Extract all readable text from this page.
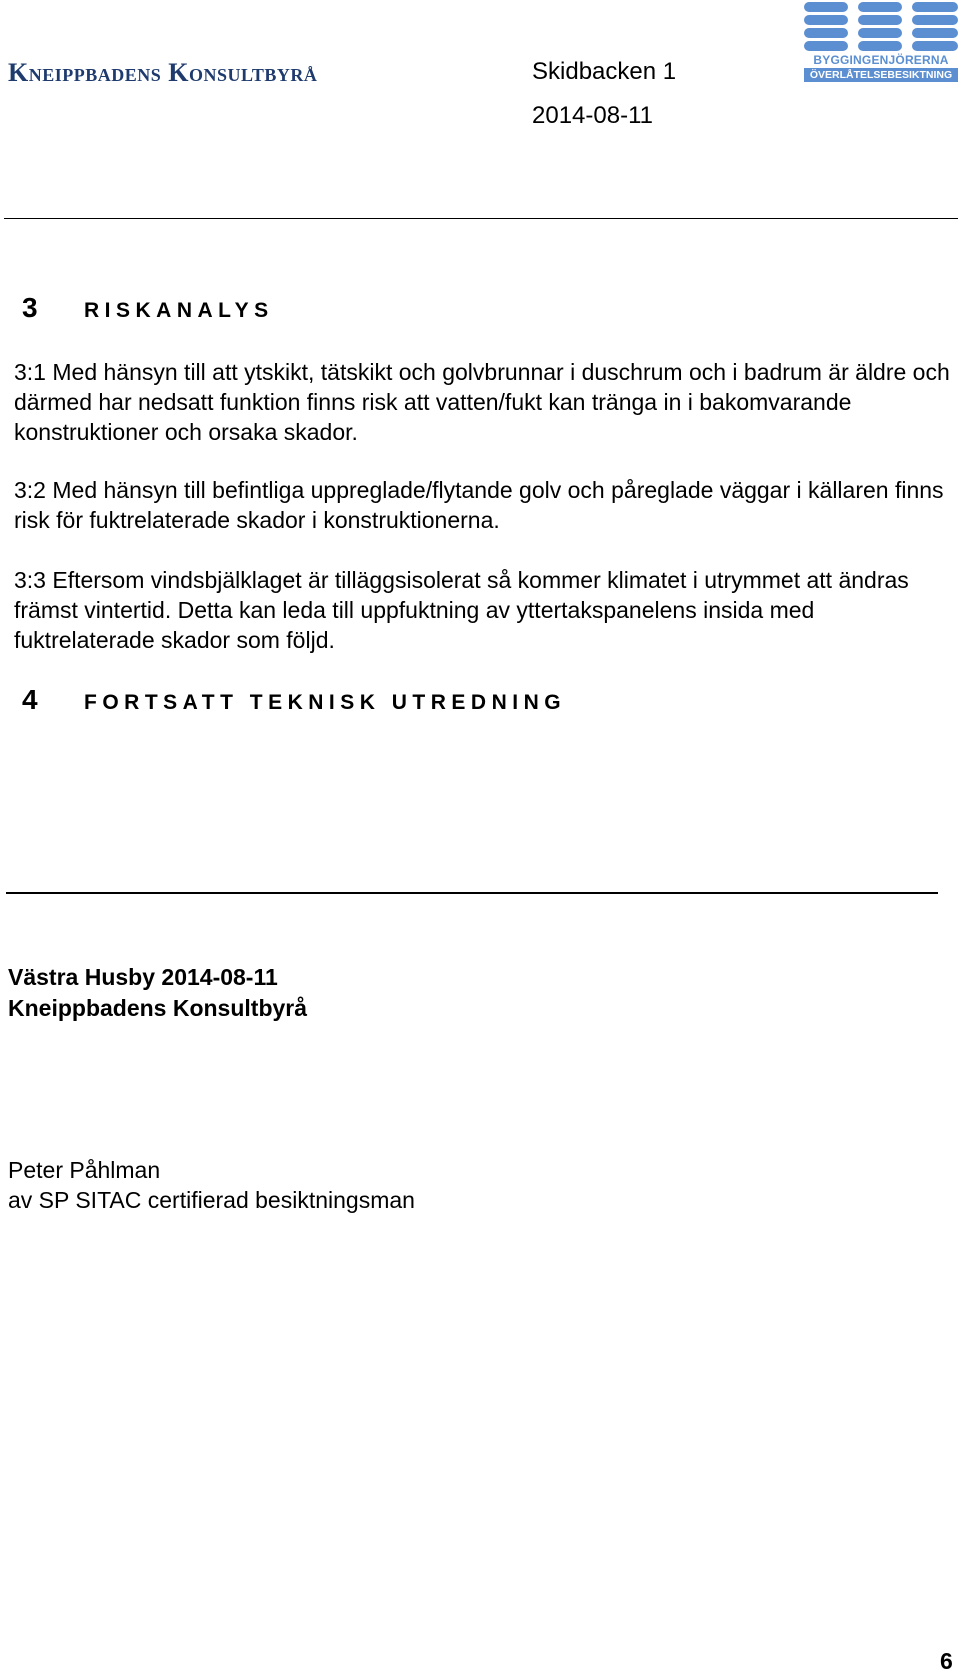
Kneippbadens Konsultbyrå	Skidbacken 1
2014-08-11
BYGGINGENJÖRERNA
ÖVERLÅTELSEBESIKTNING
3 RISKANALYS

3:1 Med hänsyn till att ytskikt, tätskikt och golvbrunnar i duschrum och i badrum är äldre och därmed har nedsatt funktion finns risk att vatten/fukt kan tränga in i bakomvarande konstruktioner och orsaka skador.

3:2 Med hänsyn till befintliga uppreglade/flytande golv och påreglade väggar i källaren finns risk för fuktrelaterade skador i konstruktionerna.

3:3 Eftersom vindsbjälklaget är tilläggsisolerat så kommer klimatet i utrymmet att ändras främst vintertid. Detta kan leda till uppfuktning av yttertakspanelens insida med fuktrelaterade skador som följd.

4 FORTSATT TEKNISK UTREDNING
Västra Husby 2014-08-11
Kneippbadens Konsultbyrå
Peter Påhlman
av SP SITAC certifierad besiktningsman
6
